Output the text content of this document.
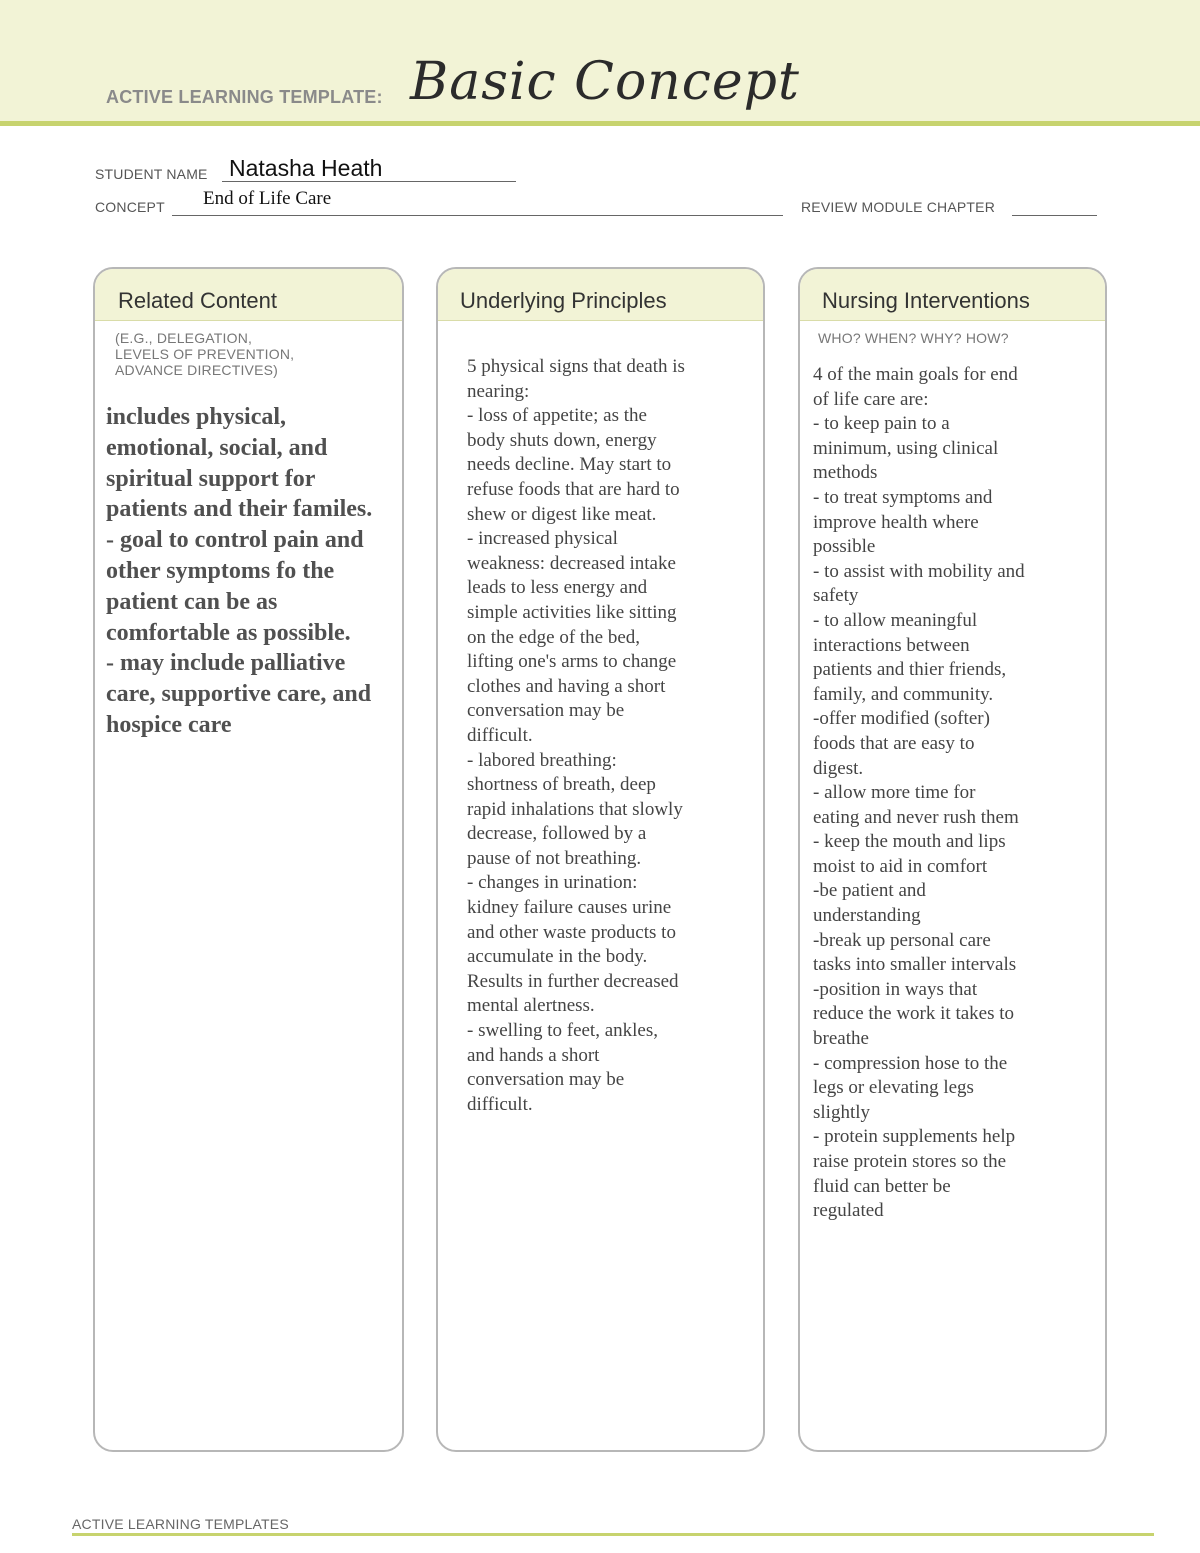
ACTIVE LEARNING TEMPLATE: Basic Concept
STUDENT NAME Natasha Heath
CONCEPT End of Life Care	REVIEW MODULE CHAPTER
Related Content
(E.G., DELEGATION,
LEVELS OF PREVENTION,
ADVANCE DIRECTIVES)
includes physical,
emotional, social, and
spiritual support for
patients and their familes.
- goal to control pain and
other symptoms fo the
patient can be as
comfortable as possible.
- may include palliative
care, supportive care, and
hospice care
Underlying Principles
5 physical signs that death is
nearing:
- loss of appetite; as the
body shuts down, energy
needs decline. May start to
refuse foods that are hard to
shew or digest like meat.
- increased physical
weakness: decreased intake
leads to less energy and
simple activities like sitting
on the edge of the bed,
lifting one's arms to change
clothes and having a short
conversation may be
difficult.
- labored breathing:
shortness of breath, deep
rapid inhalations that slowly
decrease, followed by a
pause of not breathing.
- changes in urination:
kidney failure causes urine
and other waste products to
accumulate in the body.
Results in further decreased
mental alertness.
- swelling to feet, ankles,
and hands a short
conversation may be
difficult.
Nursing Interventions
WHO? WHEN? WHY? HOW?
4 of the main goals for end
of life care are:
- to keep pain to a
minimum, using clinical
methods
- to treat symptoms and
improve health where
possible
- to assist with mobility and
safety
- to allow meaningful
interactions between
patients and thier friends,
family, and community.
-offer modified (softer)
foods that are easy to
digest.
- allow more time for
eating and never rush them
- keep the mouth and lips
moist to aid in comfort
-be patient and
understanding
-break up personal care
tasks into smaller intervals
-position in ways that
reduce the work it takes to
breathe
- compression hose to the
legs or elevating legs
slightly
- protein supplements help
raise protein stores so the
fluid can better be
regulated
ACTIVE LEARNING TEMPLATES
